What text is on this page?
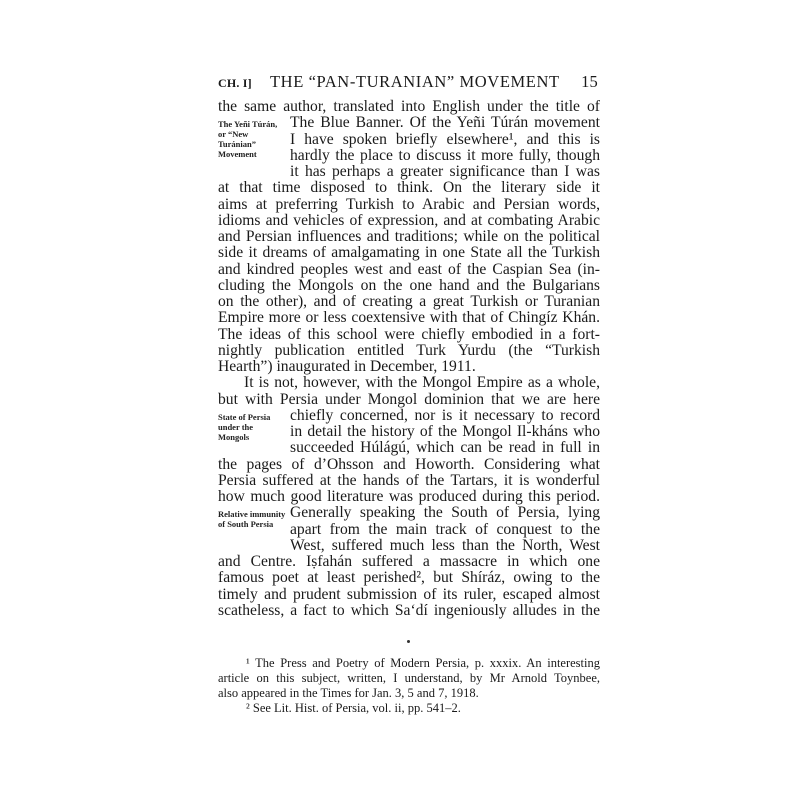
CH. I] THE “PAN-TURANIAN” MOVEMENT 15
The Yeñi Túrán, or “New Turánian” Movement
State of Persia under the Mongols
Relative immunity of South Persia
the same author, translated into English under the title of
The Blue Banner. Of the Yeñi Túrán movement
I have spoken briefly elsewhere¹, and this is
hardly the place to discuss it more fully, though
it has perhaps a greater significance than I was
at that time disposed to think. On the literary side it
aims at preferring Turkish to Arabic and Persian words,
idioms and vehicles of expression, and at combating Arabic
and Persian influences and traditions; while on the political
side it dreams of amalgamating in one State all the Turkish
and kindred peoples west and east of the Caspian Sea (in-
cluding the Mongols on the one hand and the Bulgarians
on the other), and of creating a great Turkish or Turanian
Empire more or less coextensive with that of Chingíz Khán.
The ideas of this school were chiefly embodied in a fort-
nightly publication entitled Turk Yurdu (the “Turkish
Hearth”) inaugurated in December, 1911.
It is not, however, with the Mongol Empire as a whole,
but with Persia under Mongol dominion that we are here
chiefly concerned, nor is it necessary to record
in detail the history of the Mongol Il-kháns who
succeeded Húlágú, which can be read in full in
the pages of d’Ohsson and Howorth. Considering what
Persia suffered at the hands of the Tartars, it is wonderful
how much good literature was produced during this period.
Generally speaking the South of Persia, lying
apart from the main track of conquest to the
West, suffered much less than the North, West
and Centre. Iṣfahán suffered a massacre in which one
famous poet at least perished², but Shíráz, owing to the
timely and prudent submission of its ruler, escaped almost
scatheless, a fact to which Sa‘dí ingeniously alludes in the
¹ The Press and Poetry of Modern Persia, p. xxxix. An interesting
article on this subject, written, I understand, by Mr Arnold Toynbee,
also appeared in the Times for Jan. 3, 5 and 7, 1918.
² See Lit. Hist. of Persia, vol. ii, pp. 541–2.
